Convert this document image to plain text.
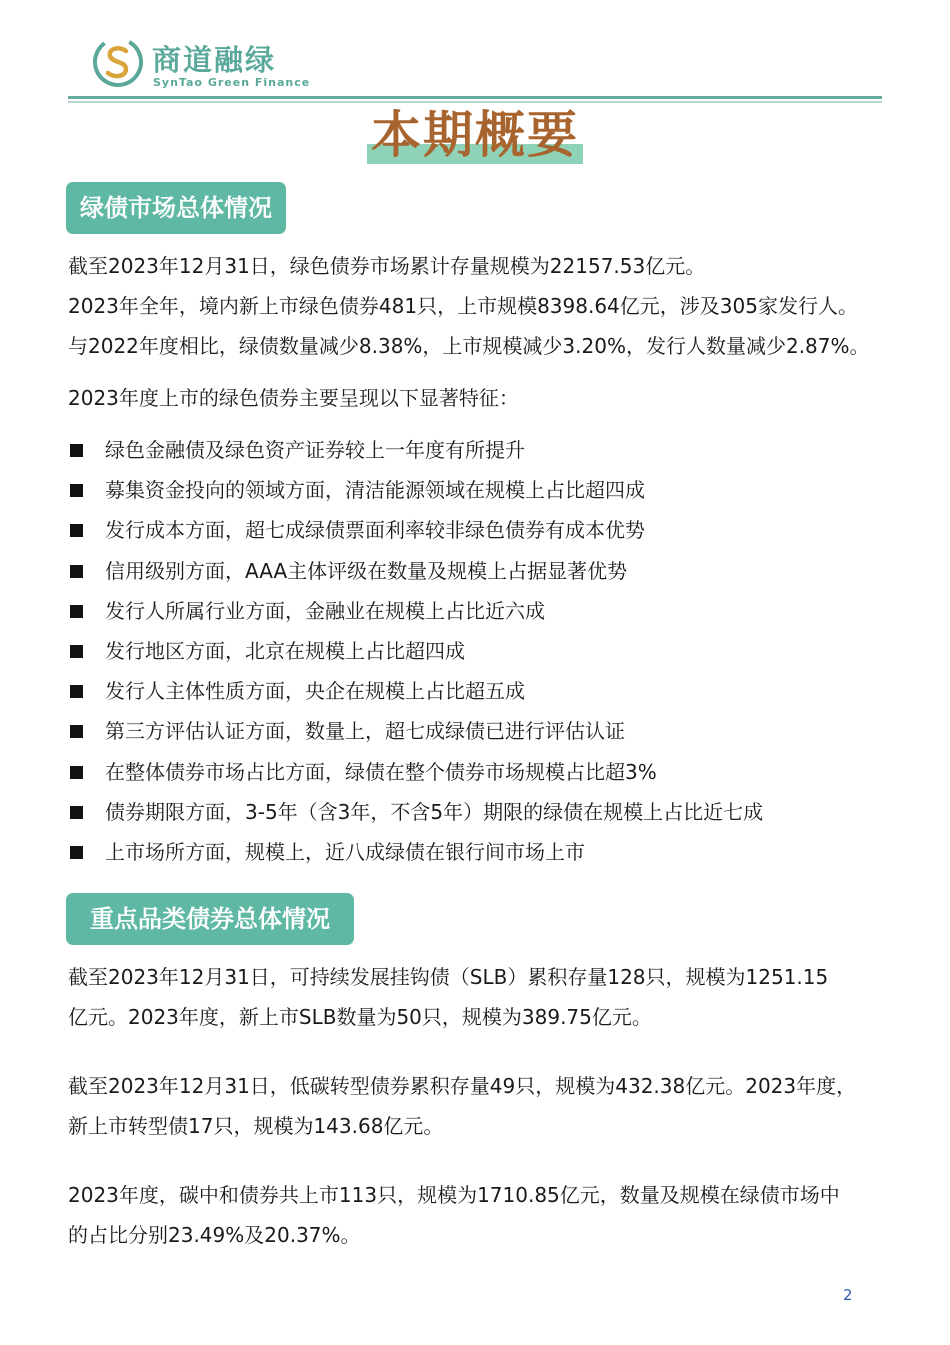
商道融绿
SynTao Green Finance
本期概要
绿债市场总体情况
截至2023年12月31日，绿色债券市场累计存量规模为22157.53亿元。
2023年全年，境内新上市绿色债券481只，上市规模8398.64亿元，涉及305家发行人。
与2022年度相比，绿债数量减少8.38%，上市规模减少3.20%，发行人数量减少2.87%。
2023年度上市的绿色债券主要呈现以下显著特征：
绿色金融债及绿色资产证券较上一年度有所提升
募集资金投向的领域方面，清洁能源领域在规模上占比超四成
发行成本方面，超七成绿债票面利率较非绿色债券有成本优势
信用级别方面，AAA主体评级在数量及规模上占据显著优势
发行人所属行业方面，金融业在规模上占比近六成
发行地区方面，北京在规模上占比超四成
发行人主体性质方面，央企在规模上占比超五成
第三方评估认证方面，数量上，超七成绿债已进行评估认证
在整体债券市场占比方面，绿债在整个债券市场规模占比超3%
债券期限方面，3-5年（含3年，不含5年）期限的绿债在规模上占比近七成
上市场所方面，规模上，近八成绿债在银行间市场上市
重点品类债券总体情况
截至2023年12月31日，可持续发展挂钩债（SLB）累积存量128只，规模为1251.15
亿元。2023年度，新上市SLB数量为50只，规模为389.75亿元。
截至2023年12月31日，低碳转型债券累积存量49只，规模为432.38亿元。2023年度，
新上市转型债17只，规模为143.68亿元。
2023年度，碳中和债券共上市113只，规模为1710.85亿元，数量及规模在绿债市场中
的占比分别23.49%及20.37%。
2
